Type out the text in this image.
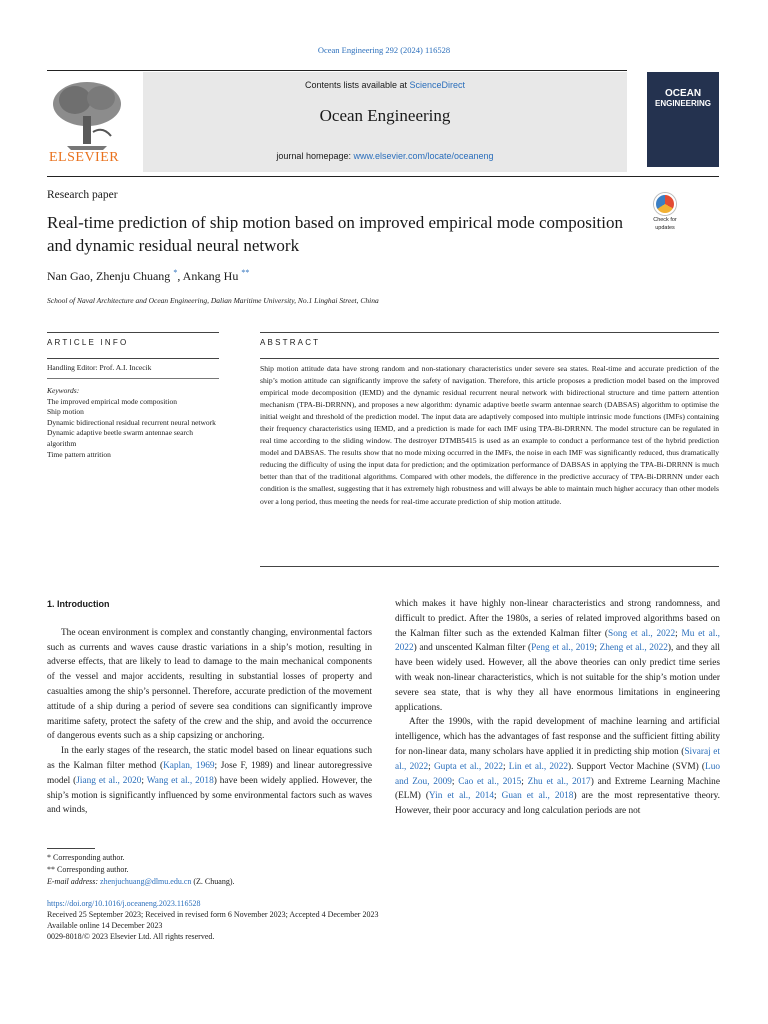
Ocean Engineering 292 (2024) 116528
ELSEVIER
Contents lists available at ScienceDirect
Ocean Engineering
journal homepage: www.elsevier.com/locate/oceaneng
OCEAN
ENGINEERING
Research paper
Real-time prediction of ship motion based on improved empirical mode composition and dynamic residual neural network
Check for
updates
Nan Gao, Zhenju Chuang *, Ankang Hu **
School of Naval Architecture and Ocean Engineering, Dalian Maritime University, No.1 Linghai Street, China
ARTICLE INFO	ABSTRACT
Handling Editor: Prof. A.I. Incecik
Keywords:
The improved empirical mode composition
Ship motion
Dynamic bidirectional residual recurrent neural network
Dynamic adaptive beetle swarm antennae search algorithm
Time pattern attrition
Ship motion attitude data have strong random and non-stationary characteristics under severe sea states. Real-time and accurate prediction of the ship’s motion attitude can significantly improve the safety of navigation. Therefore, this article proposes a prediction model based on the improved empirical mode decomposition (IEMD) and the dynamic residual recurrent neural network with bidirectional structure and time pattern attention mechanism (TPA-Bi-DRRNN), and proposes a new algorithm: dynamic adaptive beetle swarm antennae search (DABSAS) algorithm to optimise the initial weight and threshold of the prediction model. The input data are adaptively composed into multiple intrinsic mode functions (IMFs) containing their frequency characteristics using IEMD, and a prediction is made for each IMF using TPA-Bi-DRRNN. The model structure can be regulated in real time according to the sliding window. The destroyer DTMB5415 is used as an example to conduct a performance test of the hybrid prediction model and DABSAS. The results show that no mode mixing occurred in the IMFs, the noise in each IMF was significantly reduced, thus dramatically reducing the difficulty of using the input data for prediction; and the optimization performance of DABSAS in applying the TPA-Bi-DRRNN is much better than that of the traditional algorithms. Compared with other models, the difference in the predictive accuracy of TPA-Bi-DRRNN under each condition is the smallest, suggesting that it has extremely high robustness and will always be able to maintain much higher accuracy than other models over a long period, thus meeting the needs for real-time accurate prediction of ship motion attitude.
1. Introduction

The ocean environment is complex and constantly changing, environmental factors such as currents and waves cause drastic variations in a ship’s motion, resulting in adverse effects, that are likely to lead to damage to the main mechanical components of the vessel and major accidents, resulting in substantial losses of property and casualties among the ship’s personnel. Therefore, accurate prediction of the movement attitude of a ship during a period of severe sea conditions can significantly improve maritime safety, protect the safety of the crew and the ship, and avoid the occurrence of dangerous events such as a ship capsizing or anchoring.

In the early stages of the research, the static model based on linear equations such as the Kalman filter method (Kaplan, 1969; Jose F, 1989) and linear autoregressive model (Jiang et al., 2020; Wang et al., 2018) have been widely applied. However, the ship’s motion is significantly influenced by some environmental factors such as waves and winds,

which makes it have highly non-linear characteristics and strong randomness, and difficult to predict. After the 1980s, a series of related improved algorithms based on the Kalman filter such as the extended Kalman filter (Song et al., 2022; Mu et al., 2022) and unscented Kalman filter (Peng et al., 2019; Zheng et al., 2022), and they all have been widely used. However, all the above theories can only predict time series with weak non-linear characteristics, which is not suitable for the ship’s motion under severe sea state, that is why they all have enormous limitations in engineering applications.

After the 1990s, with the rapid development of machine learning and artificial intelligence, which has the advantages of fast response and the sufficient fitting ability for non-linear data, many scholars have applied it in predicting ship motion (Sivaraj et al., 2022; Gupta et al., 2022; Lin et al., 2022). Support Vector Machine (SVM) (Luo and Zou, 2009; Cao et al., 2015; Zhu et al., 2017) and Extreme Learning Machine (ELM) (Yin et al., 2014; Guan et al., 2018) are the most representative theory. However, their poor accuracy and long calculation periods are not

* Corresponding author.
** Corresponding author.
E-mail address: zhenjuchuang@dlmu.edu.cn (Z. Chuang).
https://doi.org/10.1016/j.oceaneng.2023.116528
Received 25 September 2023; Received in revised form 6 November 2023; Accepted 4 December 2023
Available online 14 December 2023
0029-8018/© 2023 Elsevier Ltd. All rights reserved.
